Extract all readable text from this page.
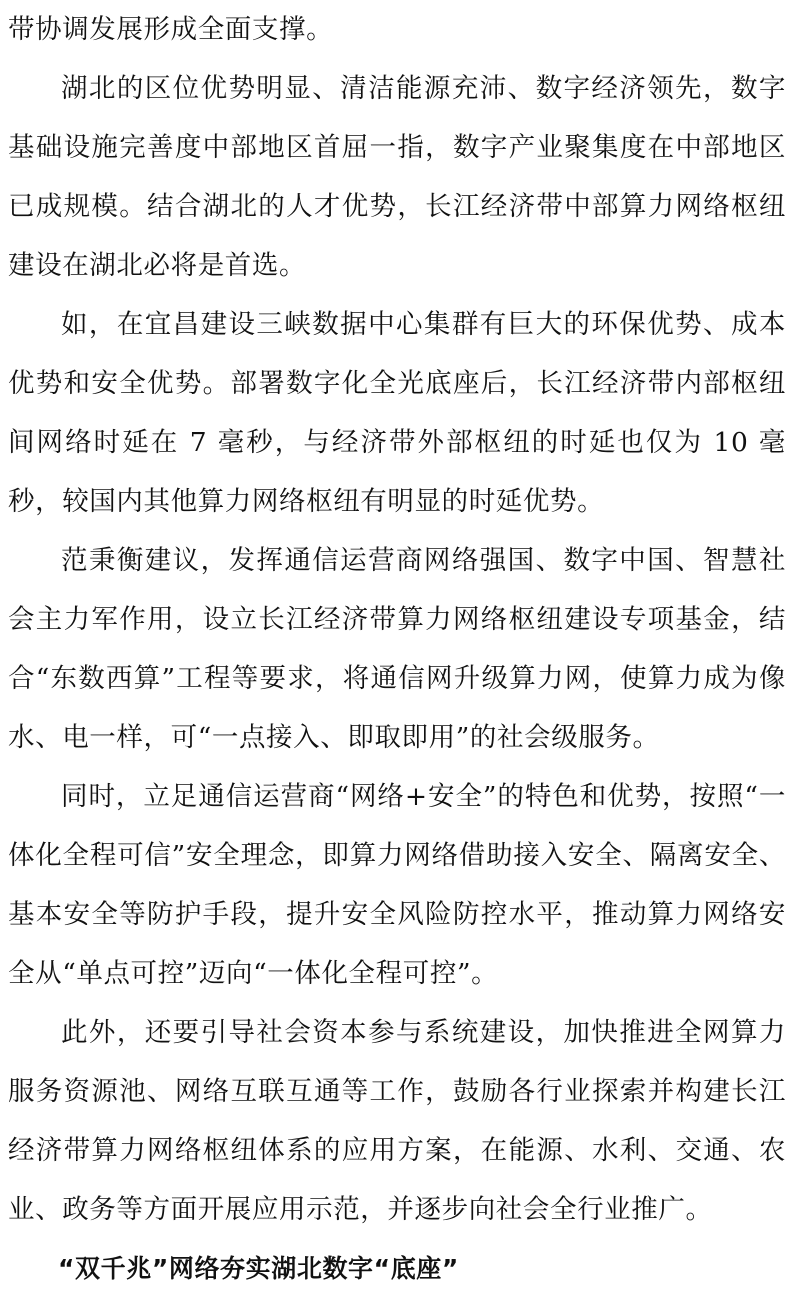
带协调发展形成全面支撑。

湖北的区位优势明显、清洁能源充沛、数字经济领先，数字基础设施完善度中部地区首屈一指，数字产业聚集度在中部地区已成规模。结合湖北的人才优势，长江经济带中部算力网络枢纽建设在湖北必将是首选。

如，在宜昌建设三峡数据中心集群有巨大的环保优势、成本优势和安全优势。部署数字化全光底座后，长江经济带内部枢纽间网络时延在 7 毫秒，与经济带外部枢纽的时延也仅为 10 毫秒，较国内其他算力网络枢纽有明显的时延优势。

范秉衡建议，发挥通信运营商网络强国、数字中国、智慧社会主力军作用，设立长江经济带算力网络枢纽建设专项基金，结合“东数西算”工程等要求，将通信网升级算力网，使算力成为像水、电一样，可“一点接入、即取即用”的社会级服务。

同时，立足通信运营商“网络+安全”的特色和优势，按照“一体化全程可信”安全理念，即算力网络借助接入安全、隔离安全、基本安全等防护手段，提升安全风险防控水平，推动算力网络安全从“单点可控”迈向“一体化全程可控”。

此外，还要引导社会资本参与系统建设，加快推进全网算力服务资源池、网络互联互通等工作，鼓励各行业探索并构建长江经济带算力网络枢纽体系的应用方案，在能源、水利、交通、农业、政务等方面开展应用示范，并逐步向社会全行业推广。

“双千兆”网络夯实湖北数字“底座”
